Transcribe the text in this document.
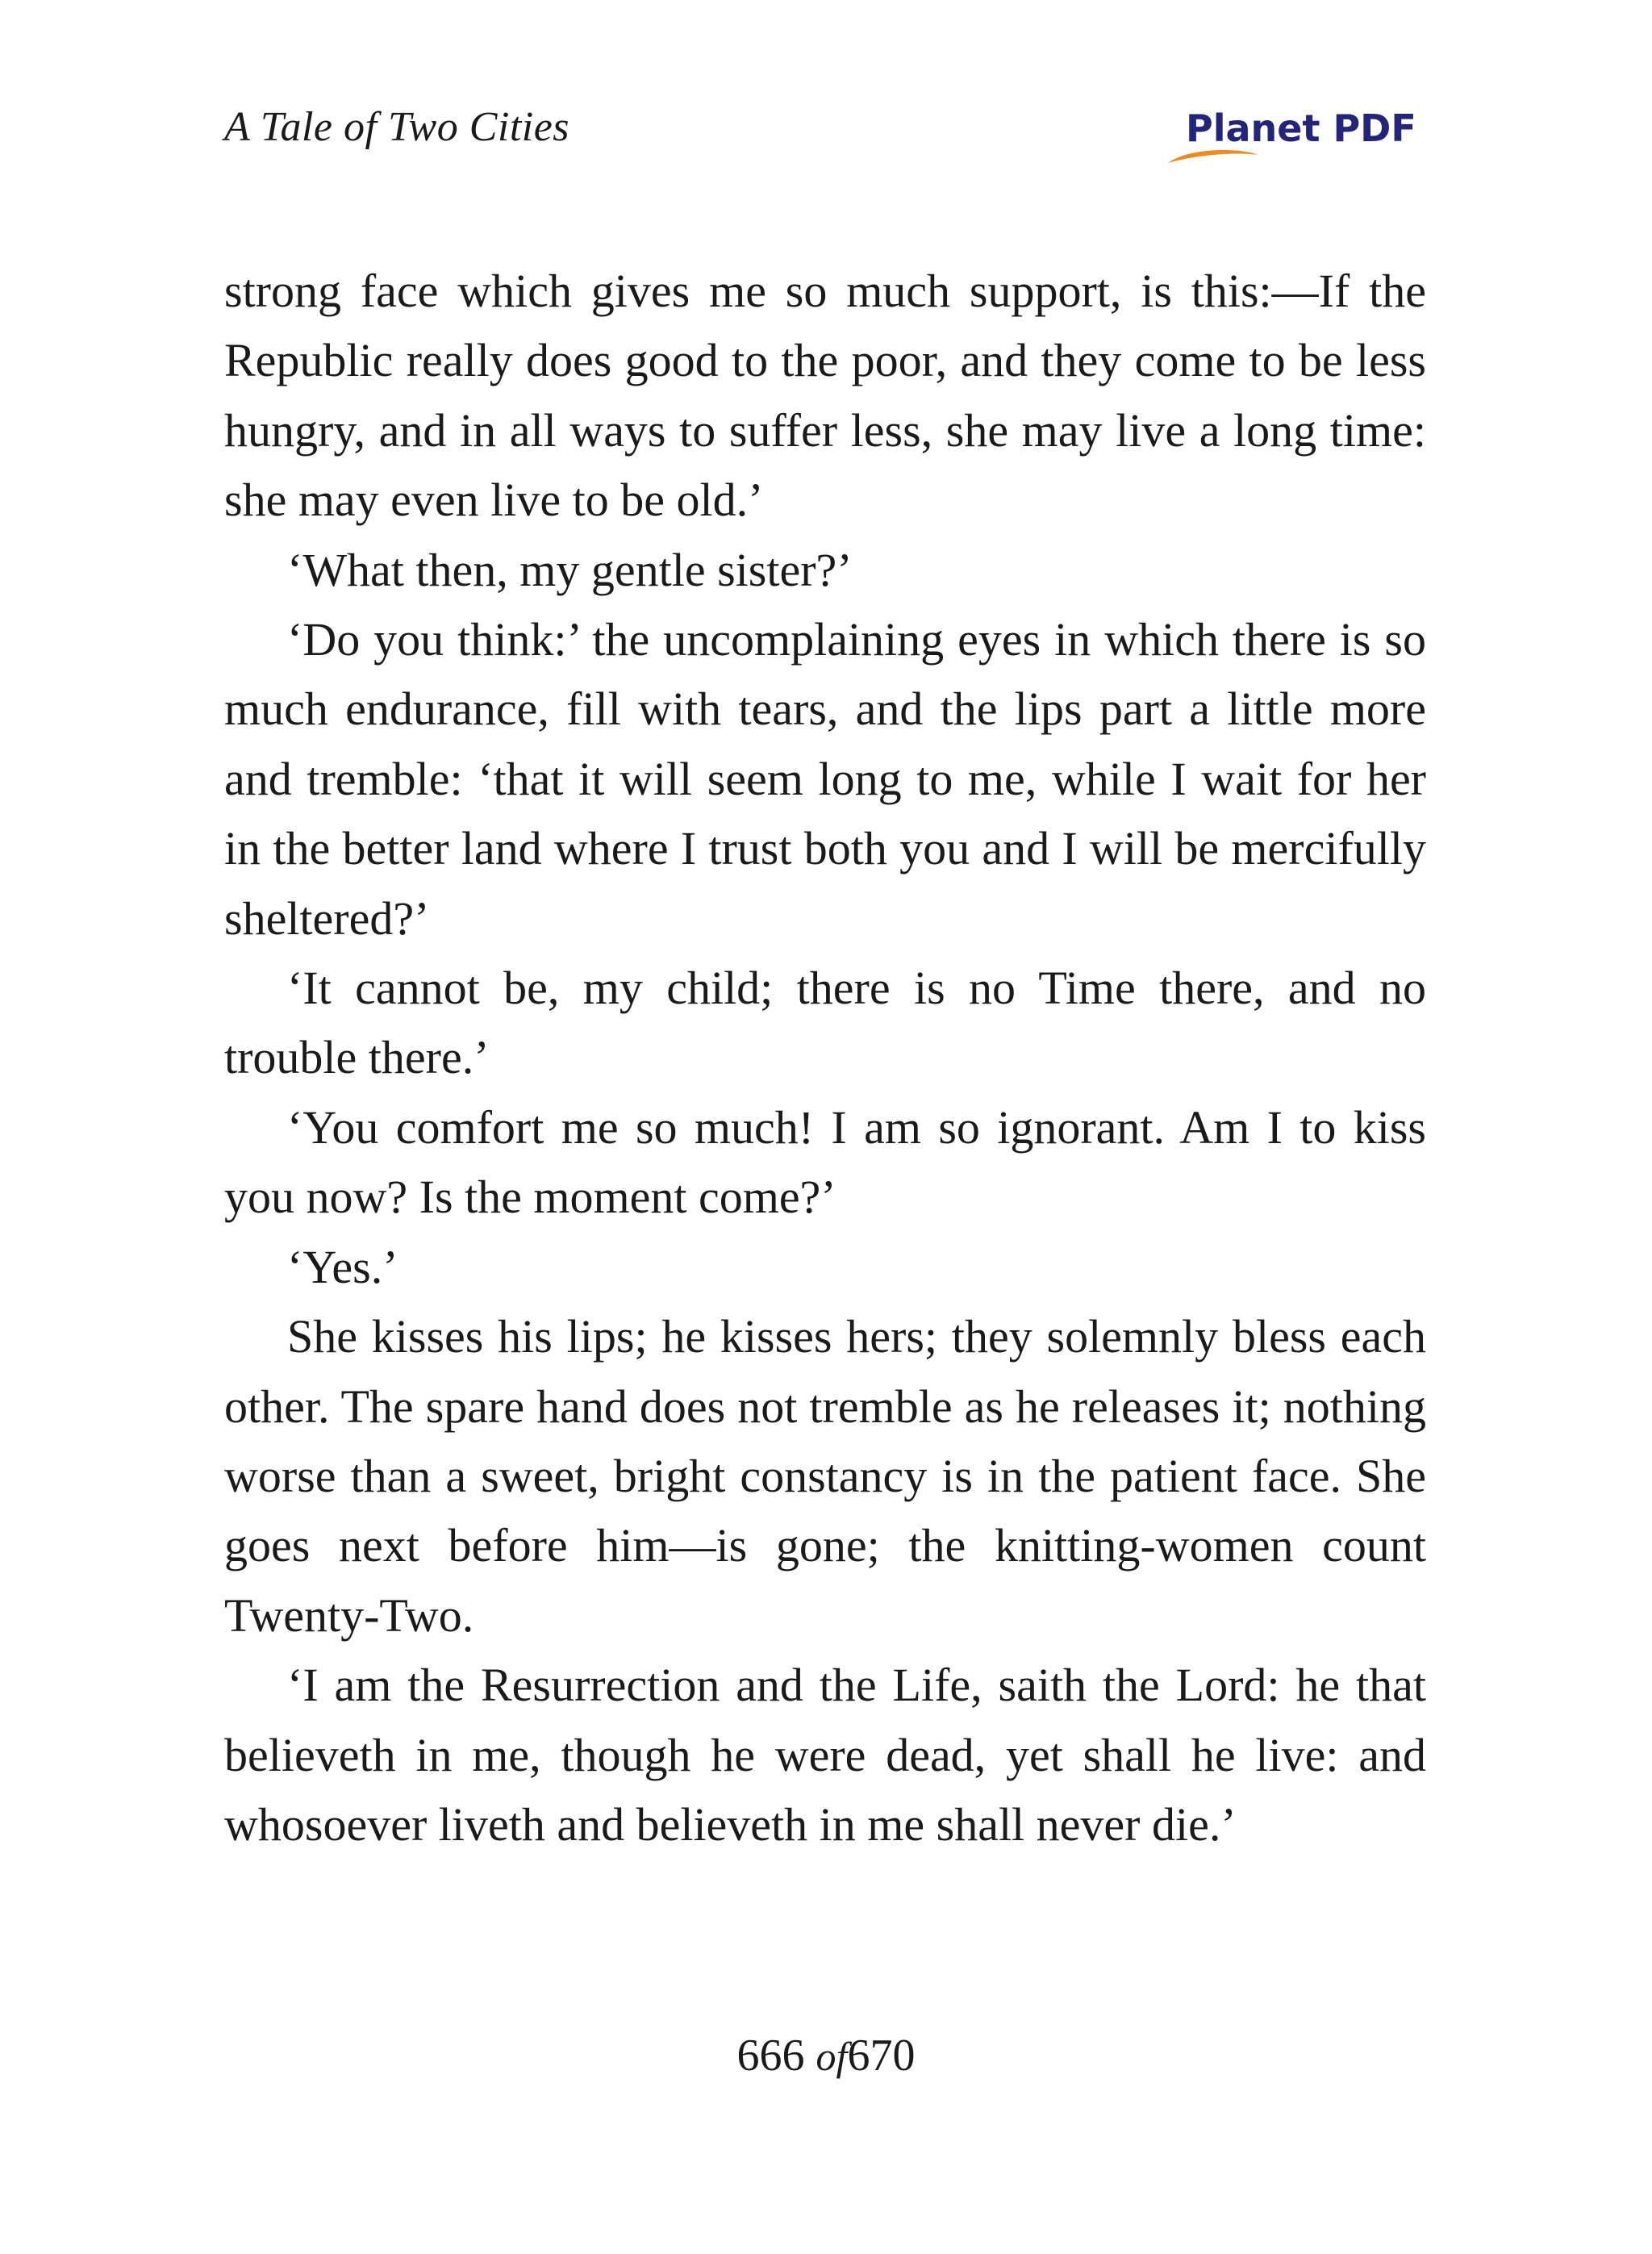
A Tale of Two Cities	Planet PDF

strong face which gives me so much support, is this:—If the Republic really does good to the poor, and they come to be less hungry, and in all ways to suffer less, she may live a long time: she may even live to be old.’

‘What then, my gentle sister?’

‘Do you think:’ the uncomplaining eyes in which there is so much endurance, fill with tears, and the lips part a little more and tremble: ‘that it will seem long to me, while I wait for her in the better land where I trust both you and I will be mercifully sheltered?’

‘It cannot be, my child; there is no Time there, and no trouble there.’

‘You comfort me so much! I am so ignorant. Am I to kiss you now? Is the moment come?’

‘Yes.’

She kisses his lips; he kisses hers; they solemnly bless each other. The spare hand does not tremble as he releases it; nothing worse than a sweet, bright constancy is in the patient face. She goes next before him—is gone; the knitting-women count Twenty-Two.

‘I am the Resurrection and the Life, saith the Lord: he that believeth in me, though he were dead, yet shall he live: and whosoever liveth and believeth in me shall never die.’

666 of670
